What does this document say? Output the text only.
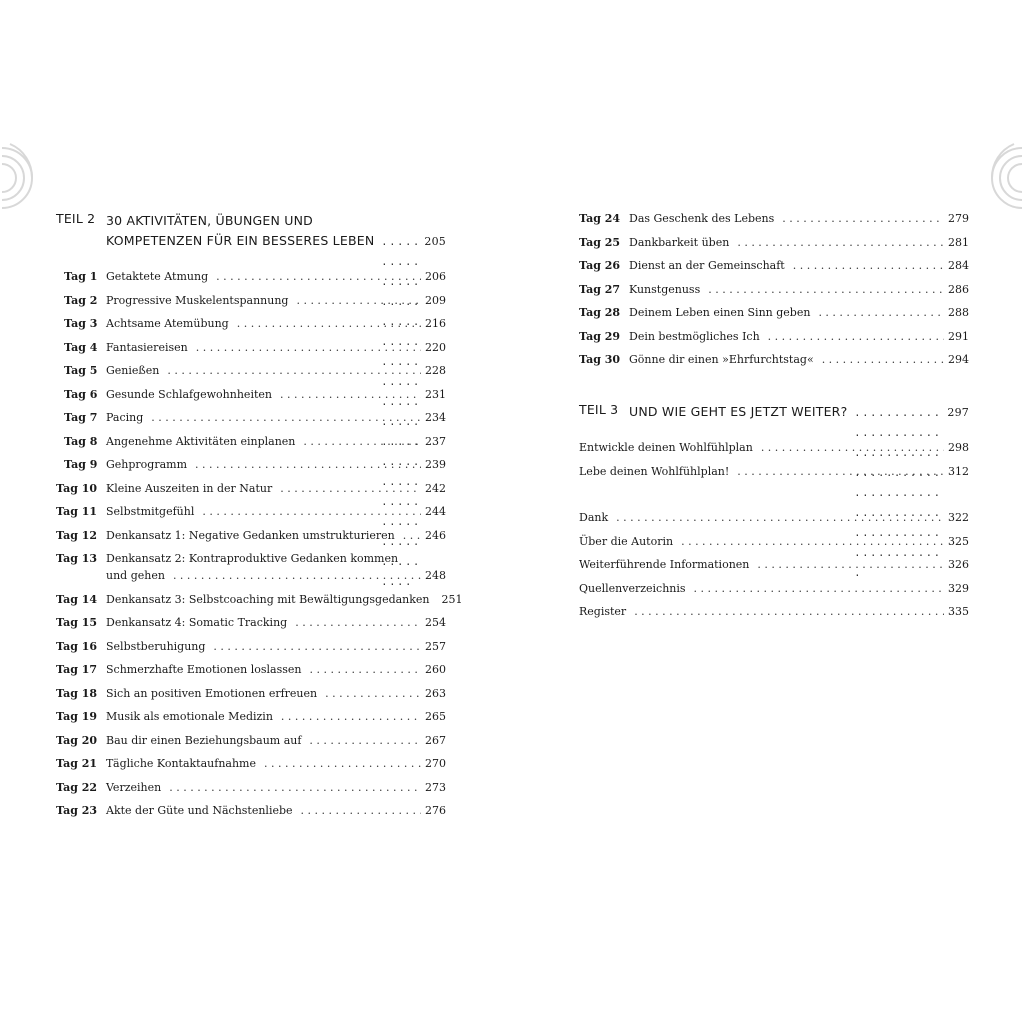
TEIL 2 30 AKTIVITÄTEN, ÜBUNGEN UND
KOMPETENZEN FÜR EIN BESSERES LEBEN . . .	205
Tag 1 Getaktete Atmung . . .	206
Tag 2 Progressive Muskelentspannung . . .	209
Tag 3 Achtsame Atemübung . . .	216
Tag 4 Fantasiereisen . . .	220
Tag 5 Genießen . . .	228
Tag 6 Gesunde Schlafgewohnheiten . . .	231
Tag 7 Pacing . . .	234
Tag 8 Angenehme Aktivitäten einplanen . . .	237
Tag 9 Gehprogramm . . .	239
Tag 10 Kleine Auszeiten in der Natur . . .	242
Tag 11 Selbstmitgefühl . . .	244
Tag 12 Denkansatz 1: Negative Gedanken umstrukturieren . . .	246
Tag 13 Denkansatz 2: Kontraproduktive Gedanken kommen
und gehen . . .	248
Tag 14 Denkansatz 3: Selbstcoaching mit Bewältigungsgedanken 251
Tag 15 Denkansatz 4: Somatic Tracking . . .	254
Tag 16 Selbstberuhigung . . .	257
Tag 17 Schmerzhafte Emotionen loslassen . . .	260
Tag 18 Sich an positiven Emotionen erfreuen . . .	263
Tag 19 Musik als emotionale Medizin . . .	265
Tag 20 Bau dir einen Beziehungsbaum auf . . .	267
Tag 21 Tägliche Kontaktaufnahme . . .	270
Tag 22 Verzeihen . . .	273
Tag 23 Akte der Güte und Nächstenliebe . . .	276
Tag 24 Das Geschenk des Lebens . . .	279
Tag 25 Dankbarkeit üben . . .	281
Tag 26 Dienst an der Gemeinschaft . . .	284
Tag 27 Kunstgenuss . . .	286
Tag 28 Deinem Leben einen Sinn geben . . .	288
Tag 29 Dein bestmögliches Ich . . .	291
Tag 30 Gönne dir einen »Ehrfurchtstag« . . .	294
TEIL 3 UND WIE GEHT ES JETZT WEITER? . . .	297
Entwickle deinen Wohlfühlplan . . .	298
Lebe deinen Wohlfühlplan! . . .	312
Dank . . .	322
Über die Autorin . . .	325
Weiterführende Informationen . . .	326
Quellenverzeichnis . . .	329
Register . . .	335
